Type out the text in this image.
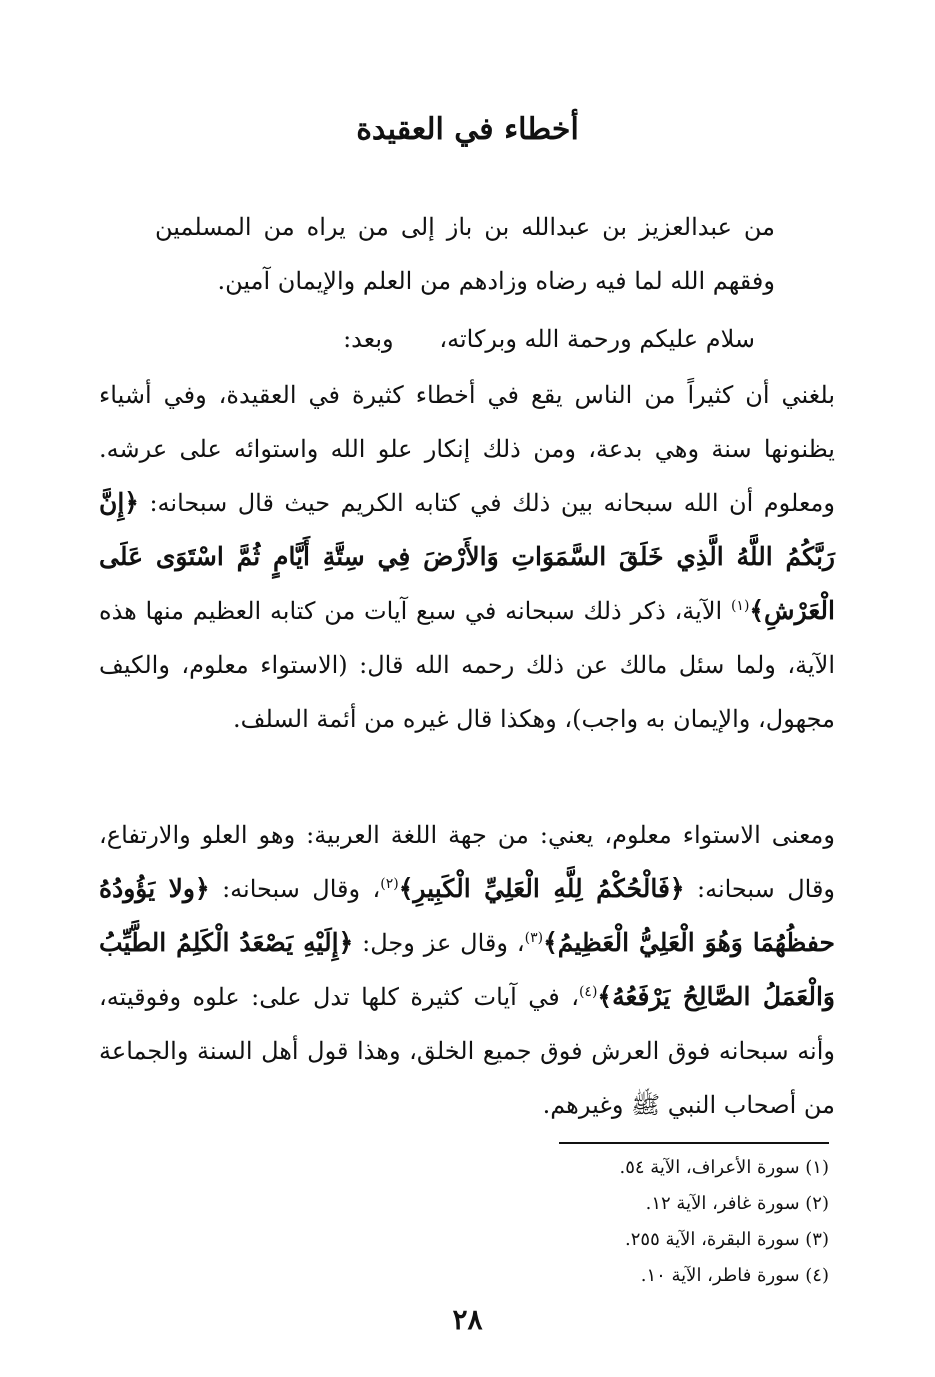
أخطاء في العقيدة
من عبدالعزيز بن عبدالله بن باز إلى من يراه من المسلمين وفقهم الله لما فيه رضاه وزادهم من العلم والإيمان آمين.
سلام عليكم ورحمة الله وبركاته،      وبعد:
بلغني أن كثيراً من الناس يقع في أخطاء كثيرة في العقيدة، وفي أشياء يظنونها سنة وهي بدعة، ومن ذلك إنكار علو الله واستوائه على عرشه. ومعلوم أن الله سبحانه بين ذلك في كتابه الكريم حيث قال سبحانه: ﴿إِنَّ رَبَّكُمُ اللَّهُ الَّذِي خَلَقَ السَّمَوَاتِ وَالأَرْضَ فِي سِتَّةِ أَيَّامٍ ثُمَّ اسْتَوَى عَلَى الْعَرْشِ﴾$^{(١)}$ الآية، ذكر ذلك سبحانه في سبع آيات من كتابه العظيم منها هذه الآية، ولما سئل مالك عن ذلك رحمه الله قال: (الاستواء معلوم، والكيف مجهول، والإيمان به واجب)، وهكذا قال غيره من أئمة السلف.
ومعنى الاستواء معلوم، يعني: من جهة اللغة العربية: وهو العلو والارتفاع، وقال سبحانه: ﴿فَالْحُكْمُ لِلَّهِ الْعَلِيِّ الْكَبِيرِ﴾$^{(٢)}$، وقال سبحانه: ﴿ولا يَؤُودُهُ حفظُهُمَا وَهُوَ الْعَلِيُّ الْعَظِيمُ﴾$^{(٣)}$، وقال عز وجل: ﴿إِلَيْهِ يَصْعَدُ الْكَلِمُ الطَّيِّبُ وَالْعَمَلُ الصَّالِحُ يَرْفَعُهُ﴾$^{(٤)}$، في آيات كثيرة كلها تدل على: علوه وفوقيته، وأنه سبحانه فوق العرش فوق جميع الخلق، وهذا قول أهل السنة والجماعة من أصحاب النبي ﷺ وغيرهم.
(١) سورة الأعراف، الآية ٥٤.
(٢) سورة غافر، الآية ١٢.
(٣) سورة البقرة، الآية ٢٥٥.
(٤) سورة فاطر، الآية ١٠.
٢٨
